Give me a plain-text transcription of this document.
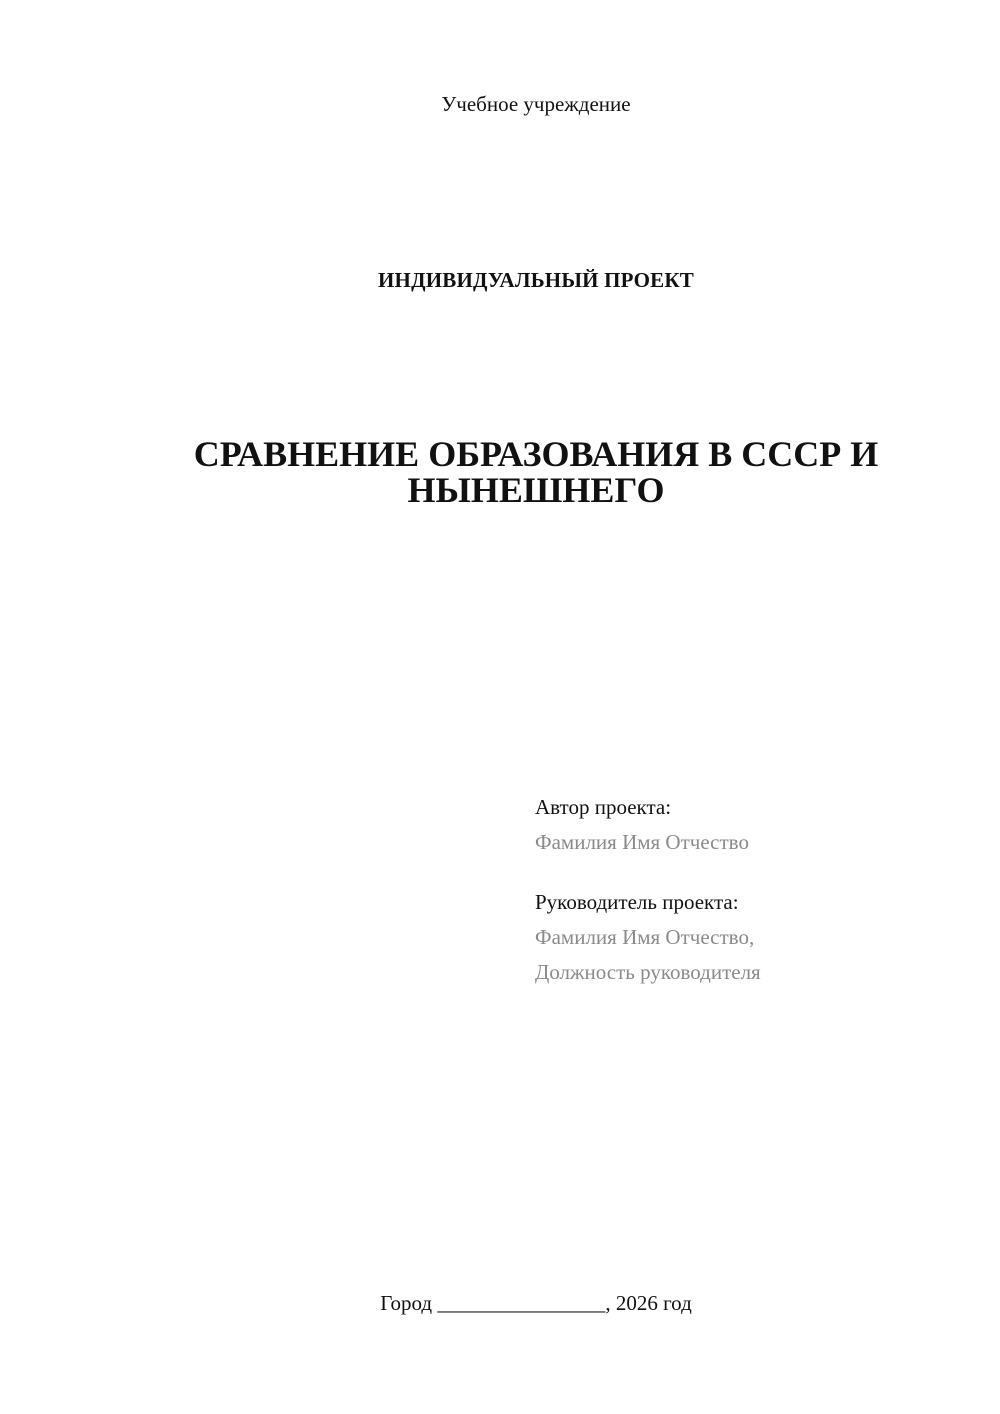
Учебное учреждение
ИНДИВИДУАЛЬНЫЙ ПРОЕКТ
СРАВНЕНИЕ ОБРАЗОВАНИЯ В СССР И
НЫНЕШНЕГО
Автор проекта:
Фамилия Имя Отчество
Руководитель проекта:
Фамилия Имя Отчество,
Должность руководителя
Город ________________, 2026 год
